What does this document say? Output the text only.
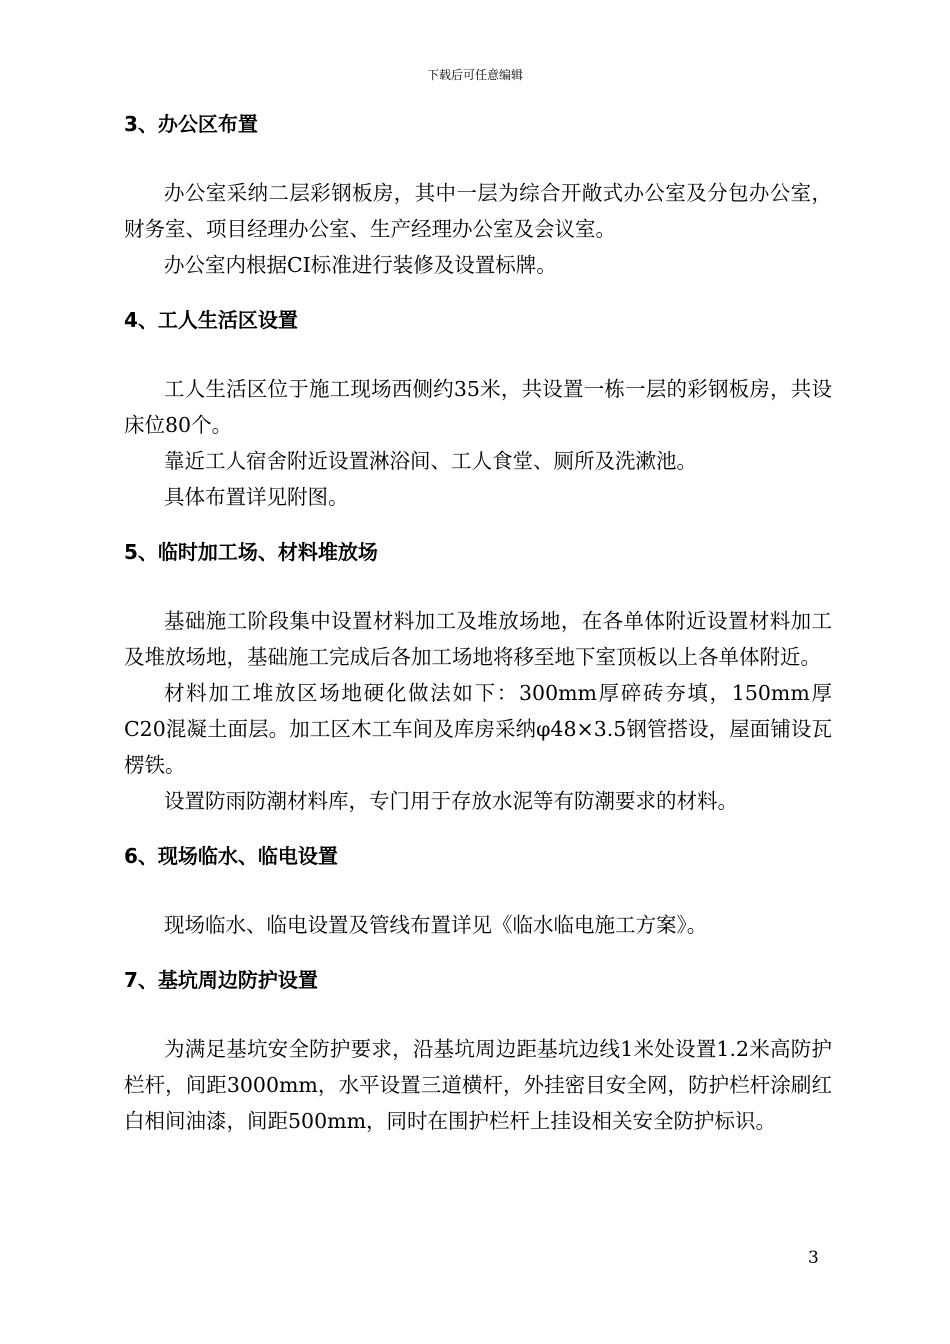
下载后可任意编辑
3、办公区布置

办公室采纳二层彩钢板房，其中一层为综合开敞式办公室及分包办公室，财务室、项目经理办公室、生产经理办公室及会议室。

办公室内根据CI标准进行装修及设置标牌。

4、工人生活区设置

工人生活区位于施工现场西侧约35米，共设置一栋一层的彩钢板房，共设床位80个。

靠近工人宿舍附近设置淋浴间、工人食堂、厕所及洗漱池。

具体布置详见附图。

5、临时加工场、材料堆放场

基础施工阶段集中设置材料加工及堆放场地，在各单体附近设置材料加工及堆放场地，基础施工完成后各加工场地将移至地下室顶板以上各单体附近。

材料加工堆放区场地硬化做法如下：300mm厚碎砖夯填，150mm厚C20混凝土面层。加工区木工车间及库房采纳φ48×3.5钢管搭设，屋面铺设瓦楞铁。

设置防雨防潮材料库，专门用于存放水泥等有防潮要求的材料。

6、现场临水、临电设置

现场临水、临电设置及管线布置详见《临水临电施工方案》。

7、基坑周边防护设置

为满足基坑安全防护要求，沿基坑周边距基坑边线1米处设置1.2米高防护栏杆，间距3000mm，水平设置三道横杆，外挂密目安全网，防护栏杆涂刷红白相间油漆，间距500mm，同时在围护栏杆上挂设相关安全防护标识。

3
